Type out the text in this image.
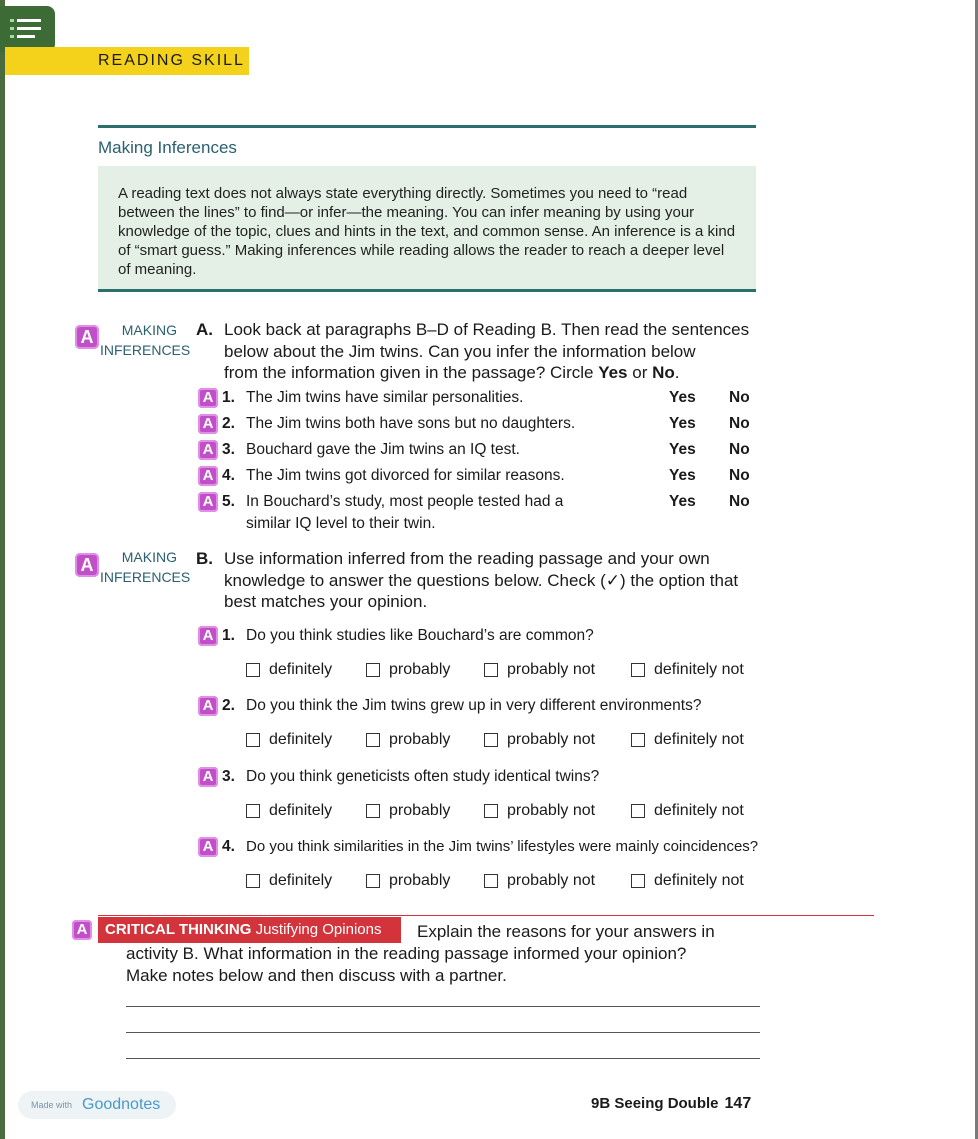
READING SKILL
Making Inferences

A reading text does not always state everything directly. Sometimes you need to “read between the lines” to find—or infer—the meaning. You can infer meaning by using your knowledge of the topic, clues and hints in the text, and common sense. An inference is a kind of “smart guess.” Making inferences while reading allows the reader to reach a deeper level of meaning.

A	MAKING
INFERENCES
A. Look back at paragraphs B–D of Reading B. Then read the sentences
below about the Jim twins. Can you infer the information below
from the information given in the passage? Circle Yes or No.
A 1. The Jim twins have similar personalities.	Yes No
A 2. The Jim twins both have sons but no daughters.	Yes No
A 3. Bouchard gave the Jim twins an IQ test.	Yes No
A 4. The Jim twins got divorced for similar reasons.	Yes No
A 5. In Bouchard’s study, most people tested had a
similar IQ level to their twin.
Yes No
A	MAKING
INFERENCES
B. Use information inferred from the reading passage and your own
knowledge to answer the questions below. Check (✓) the option that
best matches your opinion.
A 1. Do you think studies like Bouchard’s are common?
definitely	probably	probably not	definitely not
A 2. Do you think the Jim twins grew up in very different environments?
definitely	probably	probably not	definitely not
A 3. Do you think geneticists often study identical twins?
definitely	probably	probably not	definitely not
A 4. Do you think similarities in the Jim twins’ lifestyles were mainly coincidences?
definitely	probably	probably not	definitely not
A	CRITICAL THINKING Justifying Opinions	Explain the reasons for your answers in
activity B. What information in the reading passage informed your opinion?
Make notes below and then discuss with a partner.
Made with Goodnotes	9B Seeing Double 147
